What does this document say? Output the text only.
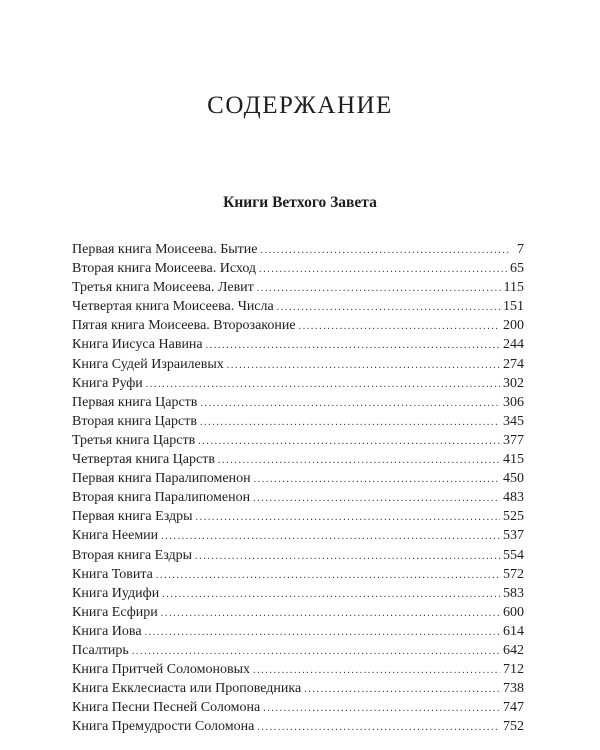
СОДЕРЖАНИЕ
Книги Ветхого Завета
Первая книга Моисеева. Бытие .....	7
Вторая книга Моисеева. Исход .....	65
Третья книга Моисеева. Левит .....	115
Четвертая книга Моисеева. Числа .....	151
Пятая книга Моисеева. Второзаконие .....	200
Книга Иисуса Навина .....	244
Книга Судей Израилевых .....	274
Книга Руфи .....	302
Первая книга Царств .....	306
Вторая книга Царств .....	345
Третья книга Царств .....	377
Четвертая книга Царств .....	415
Первая книга Паралипоменон .....	450
Вторая книга Паралипоменон .....	483
Первая книга Ездры .....	525
Книга Неемии .....	537
Вторая книга Ездры .....	554
Книга Товита .....	572
Книга Иудифи .....	583
Книга Есфири .....	600
Книга Иова .....	614
Псалтирь .....	642
Книга Притчей Соломоновых .....	712
Книга Екклесиаста или Проповедника .....	738
Книга Песни Песней Соломона .....	747
Книга Премудрости Соломона .....	752
